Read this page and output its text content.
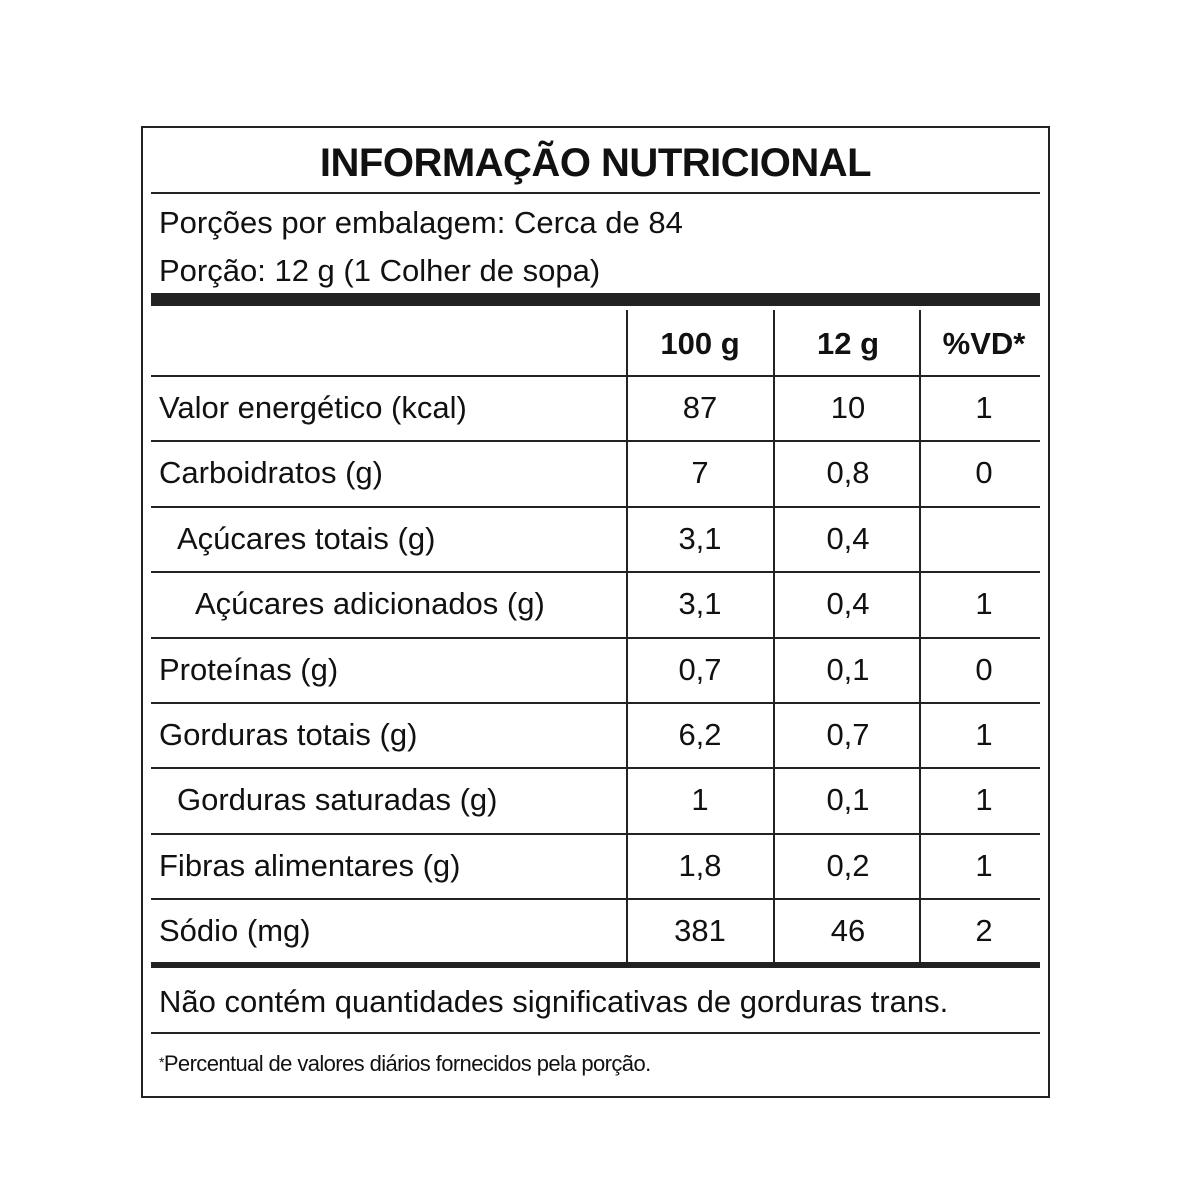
INFORMAÇÃO NUTRICIONAL
Porções por embalagem: Cerca de 84
Porção: 12 g (1 Colher de sopa)
100 g	12 g	%VD*
Valor energético (kcal)	87	10	1
Carboidratos (g)	7	0,8	0
Açúcares totais (g)	3,1	0,4
Açúcares adicionados (g)	3,1	0,4	1
Proteínas (g)	0,7	0,1	0
Gorduras totais (g)	6,2	0,7	1
Gorduras saturadas (g)	1	0,1	1
Fibras alimentares (g)	1,8	0,2	1
Sódio (mg)	381	46	2
Não contém quantidades significativas de gorduras trans.
*Percentual de valores diários fornecidos pela porção.
